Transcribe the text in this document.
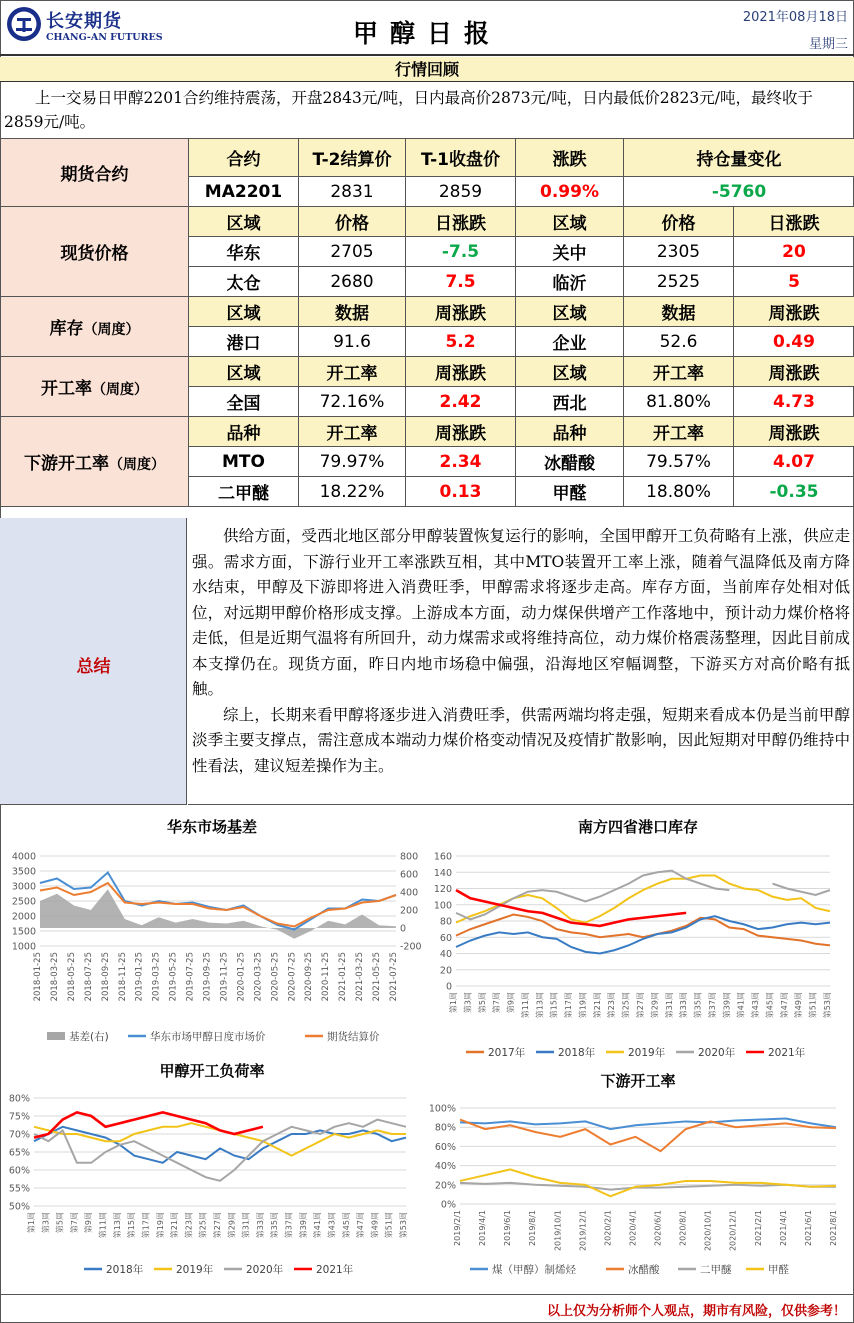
长安期货
CHANG-AN FUTURES	甲醇日报
2021年08月18日
星期三
行情回顾
上一交易日甲醇2201合约维持震荡，开盘2843元/吨，日内最高价2873元/吨，日内最低价2823元/吨，最终收于2859元/吨。
期货合约	合约	T-2结算价	T-1收盘价	涨跌	持仓量变化	
	MA2201	2831	2859	0.99%	-5760	
现货价格	区域	价格	日涨跌	区域	价格	日涨跌
	华东	2705	-7.5	关中	2305	20
	太仓	2680	7.5	临沂	2525	5
库存（周度）	区域	数据	周涨跌	区域	数据	周涨跌
	港口	91.6	5.2	企业	52.6	0.49
开工率（周度）	区域	开工率	周涨跌	区域	开工率	周涨跌
	全国	72.16%	2.42	西北	81.80%	4.73
下游开工率（周度）	品种	开工率	周涨跌	品种	开工率	周涨跌
	MTO	79.97%	2.34	冰醋酸	79.57%	4.07
	二甲醚	18.22%	0.13	甲醛	18.80%	-0.35
总结

供给方面，受西北地区部分甲醇装置恢复运行的影响，全国甲醇开工负荷略有上涨，供应走强。需求方面，下游行业开工率涨跌互相，其中MTO装置开工率上涨，随着气温降低及南方降水结束，甲醇及下游即将进入消费旺季，甲醇需求将逐步走高。库存方面，当前库存处相对低位，对远期甲醇价格形成支撑。上游成本方面，动力煤保供增产工作落地中，预计动力煤价格将走低，但是近期气温将有所回升，动力煤需求或将维持高位，动力煤价格震荡整理，因此目前成本支撑仍在。现货方面，昨日内地市场稳中偏强，沿海地区窄幅调整，下游买方对高价略有抵触。

综上，长期来看甲醇将逐步进入消费旺季，供需两端均将走强，短期来看成本仍是当前甲醇淡季主要支撑点，需注意成本端动力煤价格变动情况及疫情扩散影响，因此短期对甲醇仍维持中性看法，建议短差操作为主。

华东市场基差
4000
3500
3000
2500
2000
1500
1000
800
600
400
200
0
-200
2018-01-25 2018-03-25 2018-05-25 2018-07-25 2018-09-25 2018-11-25 2019-01-25 2019-03-25 2019-05-25 2019-07-25 2019-09-25 2019-11-25 2020-01-25 2020-03-25 2020-05-25 2020-07-25 2020-09-25 2020-11-25 2021-01-25 2021-03-25 2021-05-25 2021-07-25
基差(右)	华东市场甲醇日度市场价	期货结算价
南方四省港口库存
160
140
120
100
80
60
40
20
0
第1周 第3周 第5周 第7周 第9周 第11周 第13周 第15周 第17周 第19周 第21周 第23周 第25周 第27周 第29周 第31周 第33周 第35周 第37周 第39周 第41周 第43周 第45周 第47周 第49周 第51周 第53周
2017年	2018年	2019年	2020年	2021年
甲醇开工负荷率
80%
75%
70%
65%
60%
55%
50%
第1周 第3周 第5周 第7周 第9周 第11周 第13周 第15周 第17周 第19周 第21周 第23周 第25周 第27周 第29周 第31周 第33周 第35周 第37周 第39周 第41周 第43周 第45周 第47周 第49周 第51周 第53周
2018年	2019年	2020年	2021年
下游开工率
100%
80%
60%
40%
20%
0%
2019/2/1 2019/4/1 2019/6/1 2019/8/1 2019/10/1 2019/12/1 2020/2/1 2020/4/1 2020/6/1 2020/8/1 2020/10/1 2020/12/1 2021/2/1 2021/4/1 2021/6/1 2021/8/1
煤（甲醇）制烯烃	冰醋酸	二甲醚	甲醛
以上仅为分析师个人观点，期市有风险，仅供参考！
